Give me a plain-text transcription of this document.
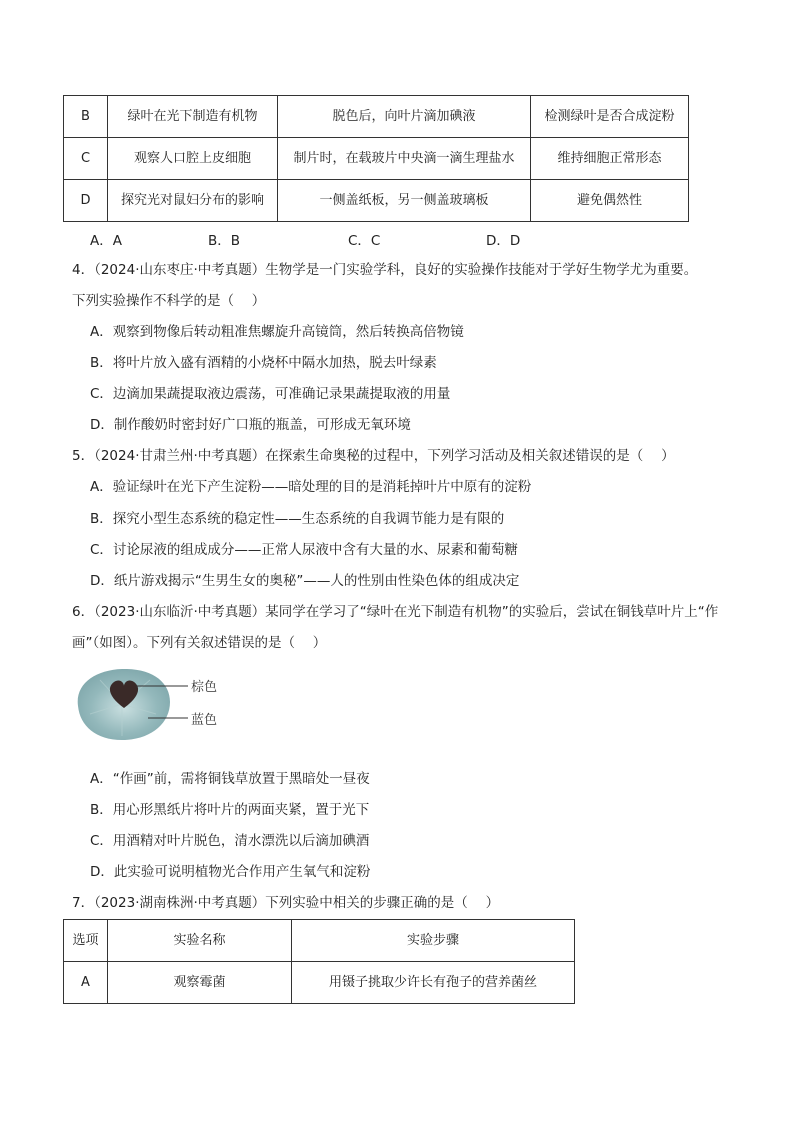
B	绿叶在光下制造有机物	脱色后，向叶片滴加碘液	检测绿叶是否合成淀粉
C	观察人口腔上皮细胞	制片时，在载玻片中央滴一滴生理盐水	维持细胞正常形态
D	探究光对鼠妇分布的影响	一侧盖纸板，另一侧盖玻璃板	避免偶然性
A．A	B．B	C．C	D．D
4．（2024·山东枣庄·中考真题）生物学是一门实验学科，良好的实验操作技能对于学好生物学尤为重要。
下列实验操作不科学的是（　 ）
A．观察到物像后转动粗准焦螺旋升高镜筒，然后转换高倍物镜
B．将叶片放入盛有酒精的小烧杯中隔水加热，脱去叶绿素
C．边滴加果蔬提取液边震荡，可准确记录果蔬提取液的用量
D．制作酸奶时密封好广口瓶的瓶盖，可形成无氧环境
5．（2024·甘肃兰州·中考真题）在探索生命奥秘的过程中，下列学习活动及相关叙述错误的是（　 ）
A．验证绿叶在光下产生淀粉——暗处理的目的是消耗掉叶片中原有的淀粉
B．探究小型生态系统的稳定性——生态系统的自我调节能力是有限的
C．讨论尿液的组成成分——正常人尿液中含有大量的水、尿素和葡萄糖
D．纸片游戏揭示“生男生女的奥秘”——人的性别由性染色体的组成决定
6．（2023·山东临沂·中考真题）某同学在学习了“绿叶在光下制造有机物”的实验后，尝试在铜钱草叶片上“作
画”（如图）。下列有关叙述错误的是（　 ）
棕色
蓝色
A．“作画”前，需将铜钱草放置于黑暗处一昼夜
B．用心形黑纸片将叶片的两面夹紧，置于光下
C．用酒精对叶片脱色，清水漂洗以后滴加碘酒
D．此实验可说明植物光合作用产生氧气和淀粉
7．（2023·湖南株洲·中考真题）下列实验中相关的步骤正确的是（　 ）
选项	实验名称	实验步骤
A	观察霉菌	用镊子挑取少许长有孢子的营养菌丝
